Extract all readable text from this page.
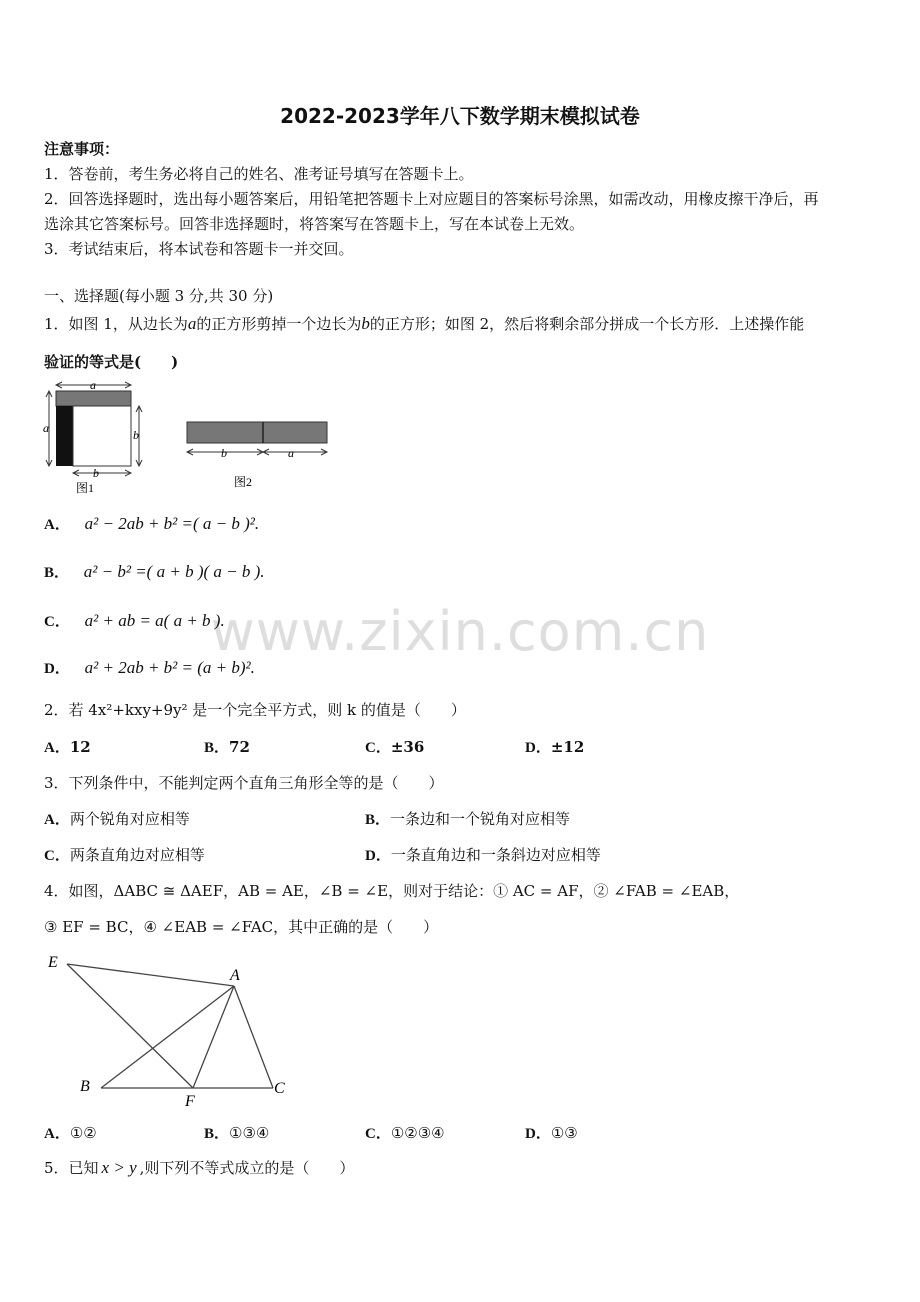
2022-2023学年八下数学期末模拟试卷
注意事项：
1．答卷前，考生务必将自己的姓名、准考证号填写在答题卡上。
2．回答选择题时，选出每小题答案后，用铅笔把答题卡上对应题目的答案标号涂黑，如需改动，用橡皮擦干净后，再
选涂其它答案标号。回答非选择题时，将答案写在答题卡上，写在本试卷上无效。
3．考试结束后，将本试卷和答题卡一并交回。
一、选择题(每小题 3 分,共 30 分)
www.zixin.com.cn
1．如图 1，从边长为a的正方形剪掉一个边长为b的正方形；如图 2，然后将剩余部分拼成一个长方形．上述操作能
验证的等式是(　　)
a
a	b
b
图1
b	a
图2
A． a² − 2ab + b² =( a − b )².
B． a² − b² =( a + b )( a − b ).
C． a² + ab = a( a + b ).
D． a² + 2ab + b² = (a + b)².
2．若 4x²+kxy+9y² 是一个完全平方式，则 k 的值是（　　）
A．12	B．72	C．±36	D．±12
3．下列条件中，不能判定两个直角三角形全等的是（　　）
A．两个锐角对应相等	B．一条边和一个锐角对应相等
C．两条直角边对应相等	D．一条直角边和一条斜边对应相等
4．如图，ΔABC ≅ ΔAEF，AB = AE，∠B = ∠E，则对于结论：① AC = AF，② ∠FAB = ∠EAB，
③ EF = BC，④ ∠EAB = ∠FAC，其中正确的是（　　）
E
A
B
F
C
A．①②	B．①③④	C．①②③④	D．①③
5．已知 x > y ,则下列不等式成立的是（　　）
